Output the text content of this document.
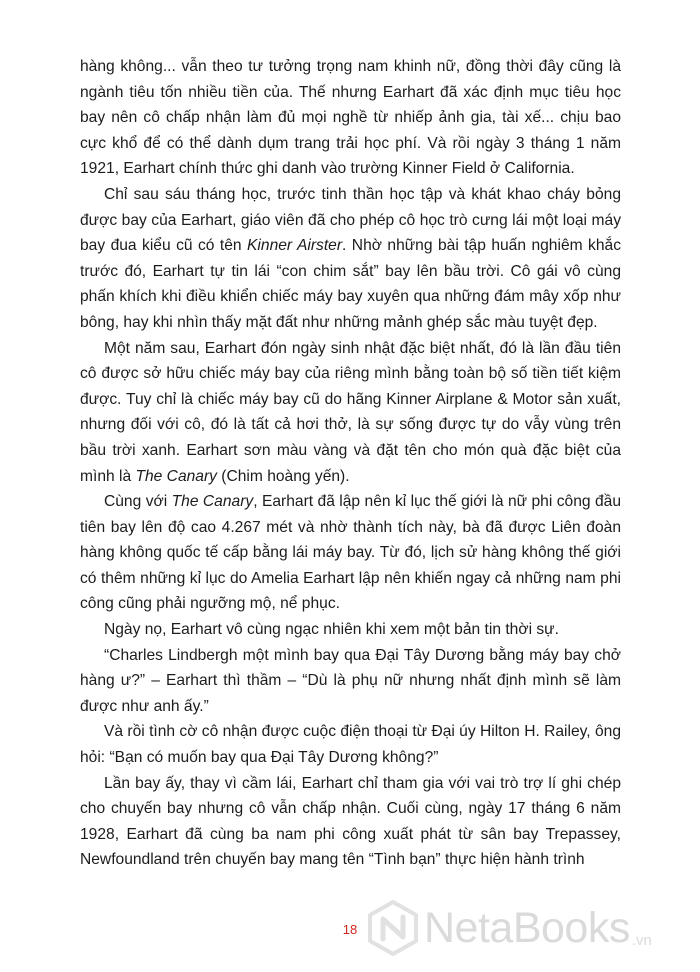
hàng không... vẫn theo tư tưởng trọng nam khinh nữ, đồng thời đây cũng là ngành tiêu tốn nhiều tiền của. Thế nhưng Earhart đã xác định mục tiêu học bay nên cô chấp nhận làm đủ mọi nghề từ nhiếp ảnh gia, tài xế... chịu bao cực khổ để có thể dành dụm trang trải học phí. Và rồi ngày 3 tháng 1 năm 1921, Earhart chính thức ghi danh vào trường Kinner Field ở California.

Chỉ sau sáu tháng học, trước tinh thần học tập và khát khao cháy bỏng được bay của Earhart, giáo viên đã cho phép cô học trò cưng lái một loại máy bay đua kiểu cũ có tên Kinner Airster. Nhờ những bài tập huấn nghiêm khắc trước đó, Earhart tự tin lái “con chim sắt” bay lên bầu trời. Cô gái vô cùng phấn khích khi điều khiển chiếc máy bay xuyên qua những đám mây xốp như bông, hay khi nhìn thấy mặt đất như những mảnh ghép sắc màu tuyệt đẹp.

Một năm sau, Earhart đón ngày sinh nhật đặc biệt nhất, đó là lần đầu tiên cô được sở hữu chiếc máy bay của riêng mình bằng toàn bộ số tiền tiết kiệm được. Tuy chỉ là chiếc máy bay cũ do hãng Kinner Airplane & Motor sản xuất, nhưng đối với cô, đó là tất cả hơi thở, là sự sống được tự do vẫy vùng trên bầu trời xanh. Earhart sơn màu vàng và đặt tên cho món quà đặc biệt của mình là The Canary (Chim hoàng yến).

Cùng với The Canary, Earhart đã lập nên kỉ lục thế giới là nữ phi công đầu tiên bay lên độ cao 4.267 mét và nhờ thành tích này, bà đã được Liên đoàn hàng không quốc tế cấp bằng lái máy bay. Từ đó, lịch sử hàng không thế giới có thêm những kỉ lục do Amelia Earhart lập nên khiến ngay cả những nam phi công cũng phải ngưỡng mộ, nể phục.

Ngày nọ, Earhart vô cùng ngạc nhiên khi xem một bản tin thời sự.

“Charles Lindbergh một mình bay qua Đại Tây Dương bằng máy bay chở hàng ư?” – Earhart thì thầm – “Dù là phụ nữ nhưng nhất định mình sẽ làm được như anh ấy.”

Và rồi tình cờ cô nhận được cuộc điện thoại từ Đại úy Hilton H. Railey, ông hỏi: “Bạn có muốn bay qua Đại Tây Dương không?”

Lần bay ấy, thay vì cầm lái, Earhart chỉ tham gia với vai trò trợ lí ghi chép cho chuyến bay nhưng cô vẫn chấp nhận. Cuối cùng, ngày 17 tháng 6 năm 1928, Earhart đã cùng ba nam phi công xuất phát từ sân bay Trepassey, Newfoundland trên chuyến bay mang tên “Tình bạn” thực hiện hành trình

18	NetaBooks .vn
